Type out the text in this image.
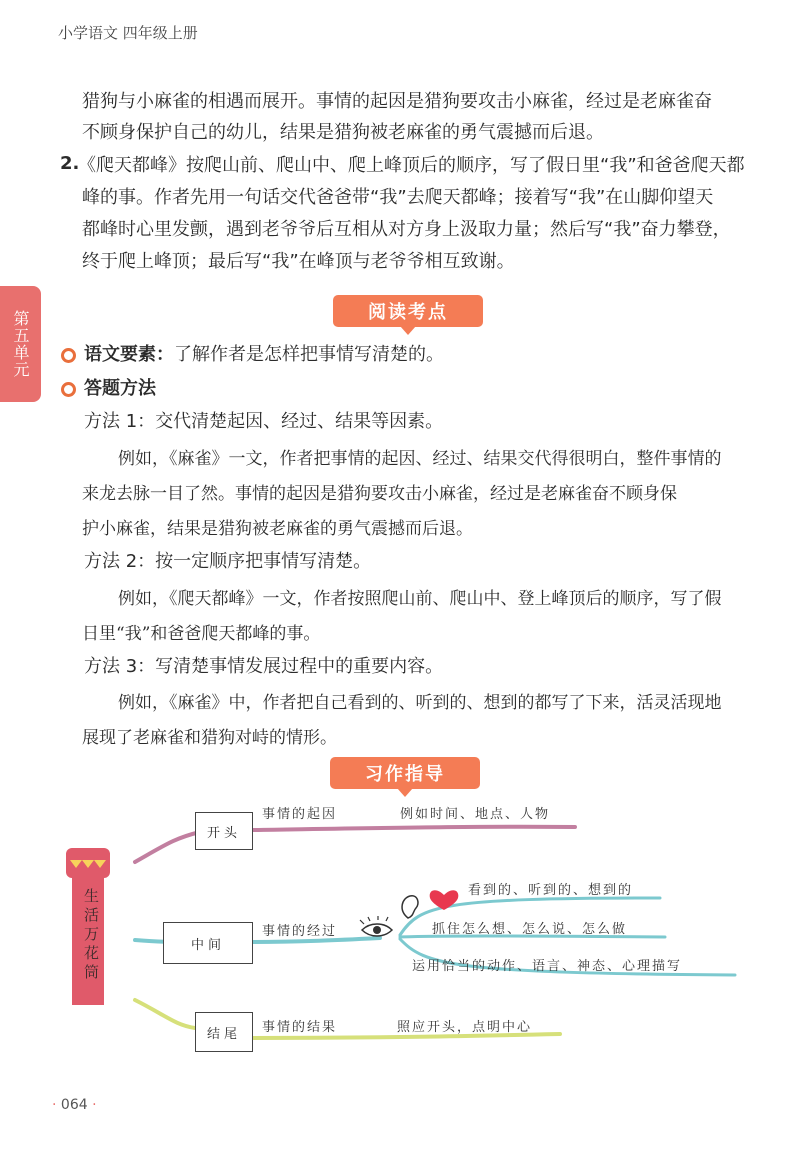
小学语文 四年级上册
第五单元
猎狗与小麻雀的相遇而展开。事情的起因是猎狗要攻击小麻雀，经过是老麻雀奋
不顾身保护自己的幼儿，结果是猎狗被老麻雀的勇气震撼而后退。
2.
《爬天都峰》按爬山前、爬山中、爬上峰顶后的顺序，写了假日里“我”和爸爸爬天都
峰的事。作者先用一句话交代爸爸带“我”去爬天都峰；接着写“我”在山脚仰望天
都峰时心里发颤，遇到老爷爷后互相从对方身上汲取力量；然后写“我”奋力攀登，
终于爬上峰顶；最后写“我”在峰顶与老爷爷相互致谢。
阅读考点
语文要素：了解作者是怎样把事情写清楚的。
答题方法
方法 1：交代清楚起因、经过、结果等因素。
例如，《麻雀》一文，作者把事情的起因、经过、结果交代得很明白，整件事情的
来龙去脉一目了然。事情的起因是猎狗要攻击小麻雀，经过是老麻雀奋不顾身保
护小麻雀，结果是猎狗被老麻雀的勇气震撼而后退。
方法 2：按一定顺序把事情写清楚。
例如，《爬天都峰》一文，作者按照爬山前、爬山中、登上峰顶后的顺序，写了假
日里“我”和爸爸爬天都峰的事。
方法 3：写清楚事情发展过程中的重要内容。
例如，《麻雀》中，作者把自己看到的、听到的、想到的都写了下来，活灵活现地
展现了老麻雀和猎狗对峙的情形。
习作指导
生活万花筒
开头
中间
结尾
事情的起因	例如时间、地点、人物
事情的经过
看到的、听到的、想到的
抓住怎么想、怎么说、怎么做
运用恰当的动作、语言、神态、心理描写
事情的结果	照应开头，点明中心
· 064 ·
